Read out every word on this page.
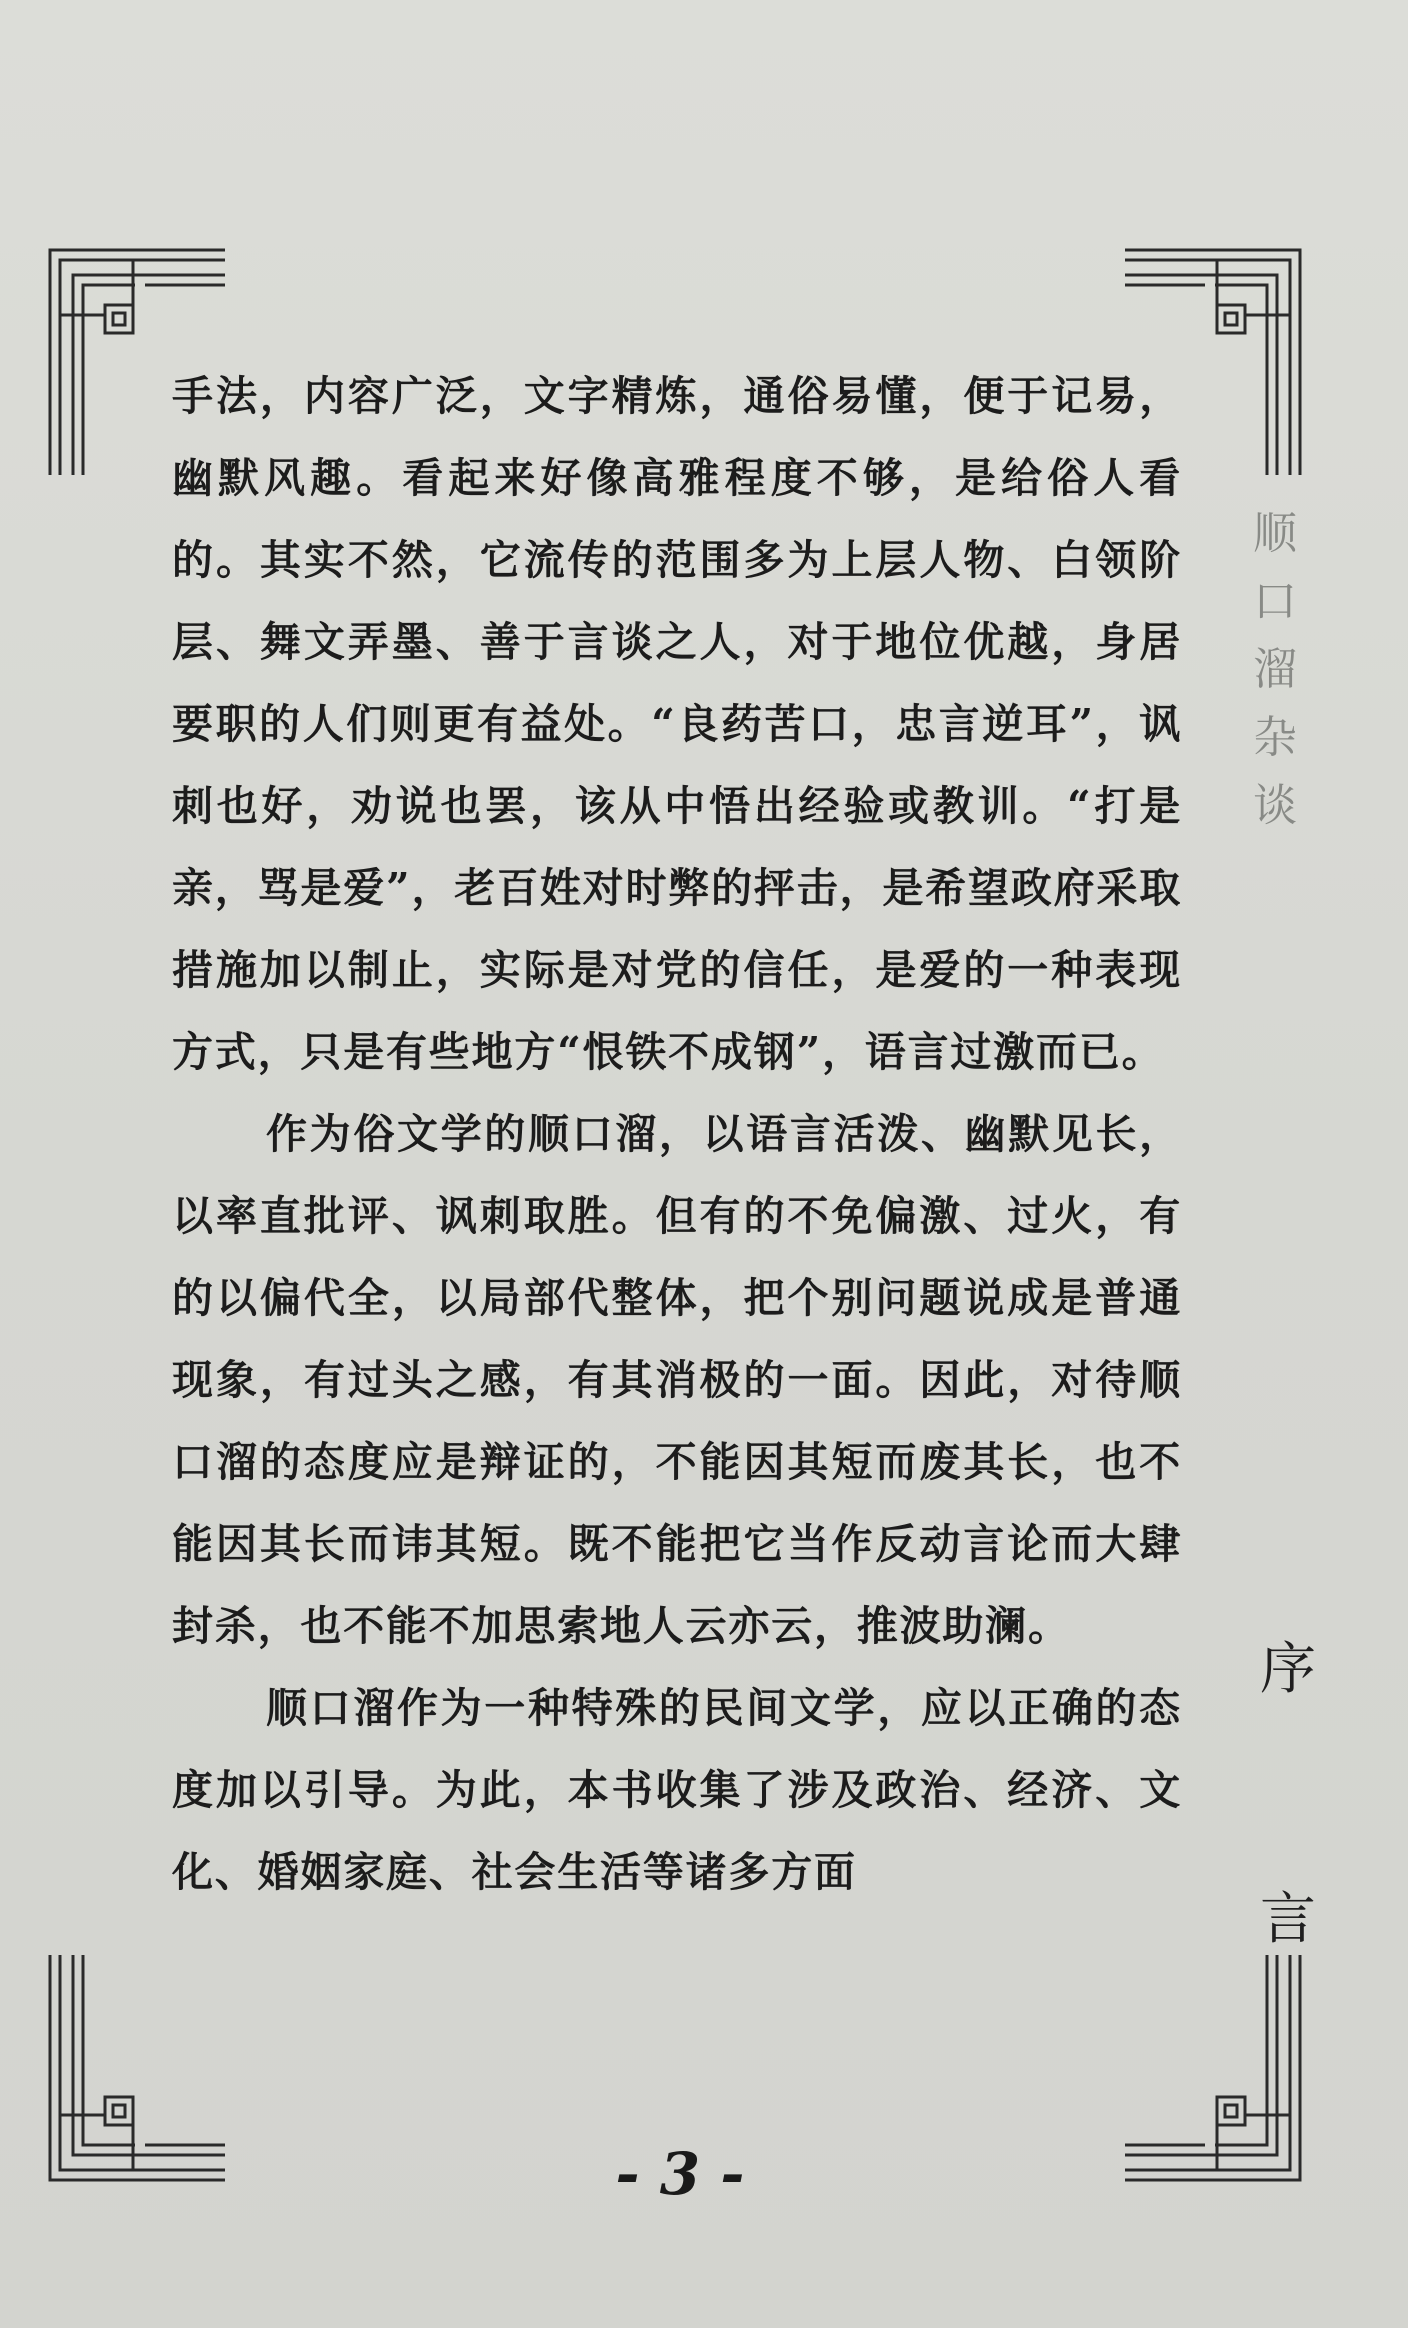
手法，内容广泛，文字精炼，通俗易懂，便于记易，幽默风趣。看起来好像高雅程度不够，是给俗人看的。其实不然，它流传的范围多为上层人物、白领阶层、舞文弄墨、善于言谈之人，对于地位优越，身居要职的人们则更有益处。“良药苦口，忠言逆耳”，讽刺也好，劝说也罢，该从中悟出经验或教训。“打是亲，骂是爱”，老百姓对时弊的抨击，是希望政府采取措施加以制止，实际是对党的信任，是爱的一种表现方式，只是有些地方“恨铁不成钢”，语言过激而已。

作为俗文学的顺口溜，以语言活泼、幽默见长，以率直批评、讽刺取胜。但有的不免偏激、过火，有的以偏代全，以局部代整体，把个别问题说成是普通现象，有过头之感，有其消极的一面。因此，对待顺口溜的态度应是辩证的，不能因其短而废其长，也不能因其长而讳其短。既不能把它当作反动言论而大肆封杀，也不能不加思索地人云亦云，推波助澜。

顺口溜作为一种特殊的民间文学，应以正确的态度加以引导。为此，本书收集了涉及政治、经济、文化、婚姻家庭、社会生活等诸多方面

顺
口
溜
杂
谈
序
言
- 3 -
